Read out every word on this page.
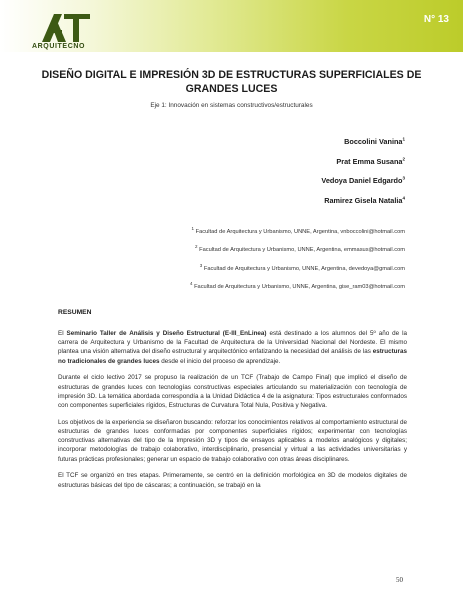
ARQUITECNO
N° 13
DISEÑO DIGITAL E IMPRESIÓN 3D DE ESTRUCTURAS SUPERFICIALES DE GRANDES LUCES
Eje 1: Innovación en sistemas constructivos/estructurales
Boccolini Vanina$^1$
Prat Emma Susana$^2$
Vedoya Daniel Edgardo$^3$
Ramirez Gisela Natalia$^4$
$^1$ Facultad de Arquitectura y Urbanismo, UNNE, Argentina, vnboccolini@hotmail.com
$^2$ Facultad de Arquitectura y Urbanismo, UNNE, Argentina, emmasus@hotmail.com
$^3$ Facultad de Arquitectura y Urbanismo, UNNE, Argentina, devedoya@gmail.com
$^4$ Facultad de Arquitectura y Urbanismo, UNNE, Argentina, gise_ram03@hotmail.com
RESUMEN

El Seminario Taller de Análisis y Diseño Estructural (E-III_EnLinea) está destinado a los alumnos del 5º año de la carrera de Arquitectura y Urbanismo de la Facultad de Arquitectura de la Universidad Nacional del Nordeste. El mismo plantea una visión alternativa del diseño estructural y arquitectónico enfatizando la necesidad del análisis de las estructuras no tradicionales de grandes luces desde el inicio del proceso de aprendizaje.

Durante el ciclo lectivo 2017 se propuso la realización de un TCF (Trabajo de Campo Final) que implicó el diseño de estructuras de grandes luces con tecnologías constructivas especiales articulando su materialización con tecnología de impresión 3D. La temática abordada correspondía a la Unidad Didáctica 4 de la asignatura: Tipos estructurales conformados con componentes superficiales rígidos, Estructuras de Curvatura Total Nula, Positiva y Negativa.

Los objetivos de la experiencia se diseñaron buscando: reforzar los conocimientos relativos al comportamiento estructural de estructuras de grandes luces conformadas por componentes superficiales rígidos; experimentar con tecnologías constructivas alternativas del tipo de la Impresión 3D y tipos de ensayos aplicables a modelos analógicos y digitales; incorporar metodologías de trabajo colaborativo, interdisciplinario, presencial y virtual a las actividades universitarias y futuras prácticas profesionales; generar un espacio de trabajo colaborativo con otras áreas disciplinares.

El TCF se organizó en tres etapas. Primeramente, se centró en la definición morfológica en 3D de modelos digitales de estructuras básicas del tipo de cáscaras; a continuación, se trabajó en la

50
